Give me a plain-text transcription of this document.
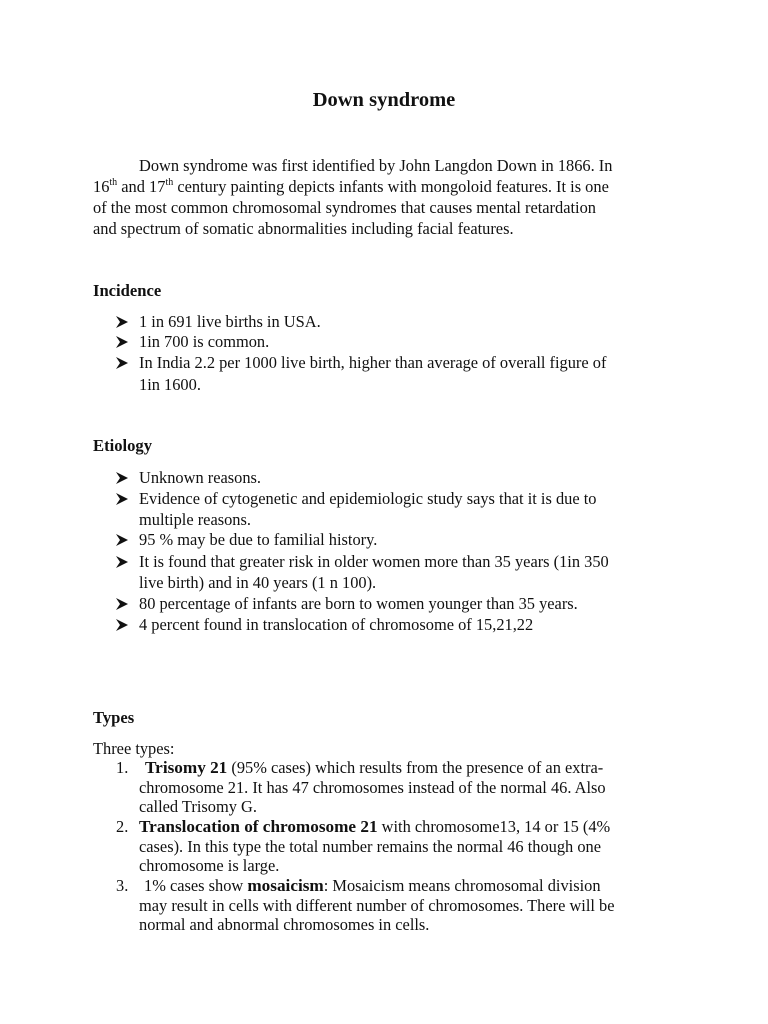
Down syndrome

Down syndrome was first identified by John Langdon Down in 1866. In

16th and 17th century painting depicts infants with mongoloid features. It is one

of the most common chromosomal syndromes that causes mental retardation

and spectrum of somatic abnormalities including facial features.

Incidence

1 in 691 live births in USA.

1in 700 is common.

In India 2.2 per 1000 live birth, higher than average of overall figure of

1in 1600.

Etiology

Unknown reasons.

Evidence of cytogenetic and epidemiologic study says that it is due to

multiple reasons.

95 % may be due to familial history.

It is found that greater risk in older women more than 35 years (1in 350

live birth) and in 40 years (1 n 100).

80 percentage of infants are born to women younger than 35 years.

4 percent found in translocation of chromosome of 15,21,22

Types

Three types:

1. Trisomy 21 (95% cases) which results from the presence of an extra-

chromosome 21. It has 47 chromosomes instead of the normal 46. Also

called Trisomy G.

2. Translocation of chromosome 21 with chromosome13, 14 or 15 (4%

cases). In this type the total number remains the normal 46 though one

chromosome is large.

3. 1% cases show mosaicism: Mosaicism means chromosomal division

may result in cells with different number of chromosomes. There will be

normal and abnormal chromosomes in cells.
